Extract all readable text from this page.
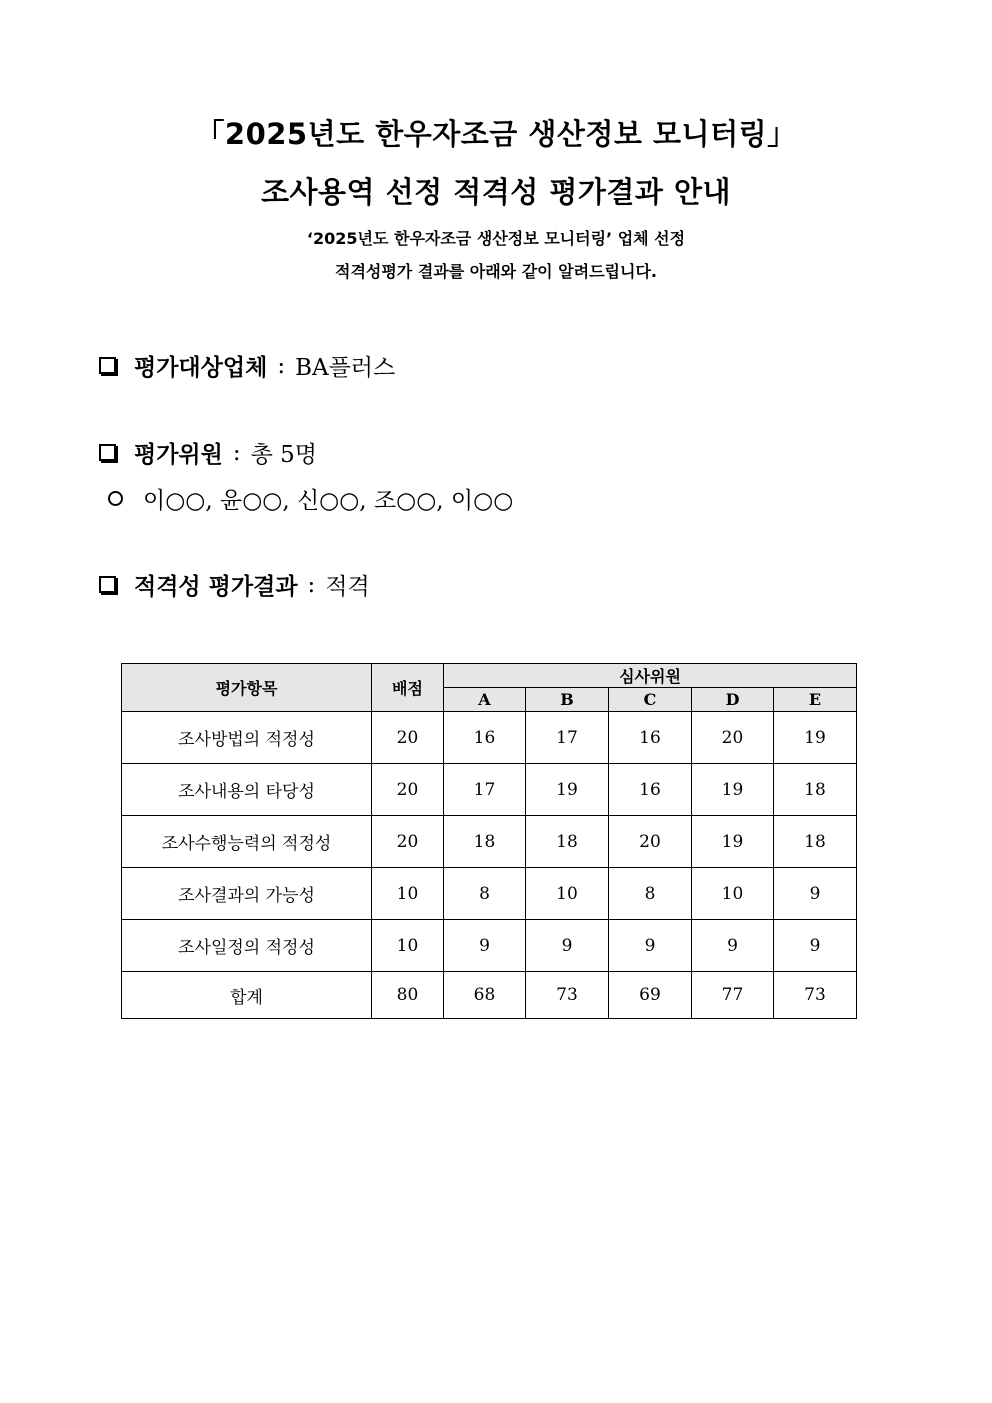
「2025년도 한우자조금 생산정보 모니터링」
조사용역 선정 적격성 평가결과 안내
‘2025년도 한우자조금 생산정보 모니터링’ 업체 선정
적격성평가 결과를 아래와 같이 알려드립니다.
평가대상업체 : BA플러스
평가위원 : 총 5명
이○○, 윤○○, 신○○, 조○○, 이○○
적격성 평가결과 : 적격
평가항목	배점	심사위원				
		A	B	C	D	E
조사방법의 적정성	20	16	17	16	20	19
조사내용의 타당성	20	17	19	16	19	18
조사수행능력의 적정성	20	18	18	20	19	18
조사결과의 가능성	10	8	10	8	10	9
조사일정의 적정성	10	9	9	9	9	9
합계	80	68	73	69	77	73
